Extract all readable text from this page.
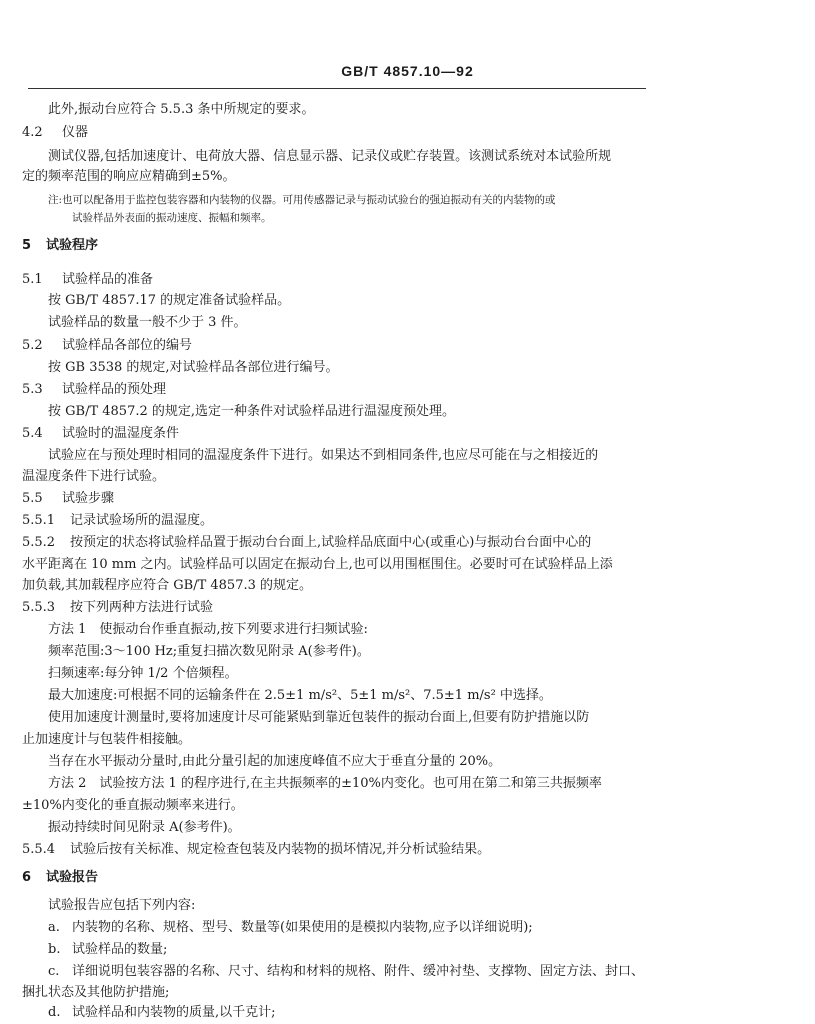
GB/T 4857.10—92
此外,振动台应符合 5.5.3 条中所规定的要求。
4.2 仪器
测试仪器,包括加速度计、电荷放大器、信息显示器、记录仪或贮存装置。该测试系统对本试验所规
定的频率范围的响应应精确到±5%。
注:也可以配备用于监控包装容器和内装物的仪器。可用传感器记录与振动试验台的强迫振动有关的内装物的或
试验样品外表面的振动速度、振幅和频率。
5 试验程序
5.1 试验样品的准备
按 GB/T 4857.17 的规定准备试验样品。
试验样品的数量一般不少于 3 件。
5.2 试验样品各部位的编号
按 GB 3538 的规定,对试验样品各部位进行编号。
5.3 试验样品的预处理
按 GB/T 4857.2 的规定,选定一种条件对试验样品进行温湿度预处理。
5.4 试验时的温湿度条件
试验应在与预处理时相同的温湿度条件下进行。如果达不到相同条件,也应尽可能在与之相接近的
温湿度条件下进行试验。
5.5 试验步骤
5.5.1 记录试验场所的温湿度。
5.5.2 按预定的状态将试验样品置于振动台台面上,试验样品底面中心(或重心)与振动台台面中心的
水平距离在 10 mm 之内。试验样品可以固定在振动台上,也可以用围框围住。必要时可在试验样品上添
加负载,其加载程序应符合 GB/T 4857.3 的规定。
5.5.3 按下列两种方法进行试验
方法 1　使振动台作垂直振动,按下列要求进行扫频试验:
频率范围:3～100 Hz;重复扫描次数见附录 A(参考件)。
扫频速率:每分钟 1/2 个倍频程。
最大加速度:可根据不同的运输条件在 2.5±1 m/s²、5±1 m/s²、7.5±1 m/s² 中选择。
使用加速度计测量时,要将加速度计尽可能紧贴到靠近包装件的振动台面上,但要有防护措施以防
止加速度计与包装件相接触。
当存在水平振动分量时,由此分量引起的加速度峰值不应大于垂直分量的 20%。
方法 2　试验按方法 1 的程序进行,在主共振频率的±10%内变化。也可用在第二和第三共振频率
±10%内变化的垂直振动频率来进行。
振动持续时间见附录 A(参考件)。
5.5.4 试验后按有关标准、规定检查包装及内装物的损坏情况,并分析试验结果。
6 试验报告
试验报告应包括下列内容:
a. 内装物的名称、规格、型号、数量等(如果使用的是模拟内装物,应予以详细说明);
b. 试验样品的数量;
c. 详细说明包装容器的名称、尺寸、结构和材料的规格、附件、缓冲衬垫、支撑物、固定方法、封口、
捆扎状态及其他防护措施;
d. 试验样品和内装物的质量,以千克计;
